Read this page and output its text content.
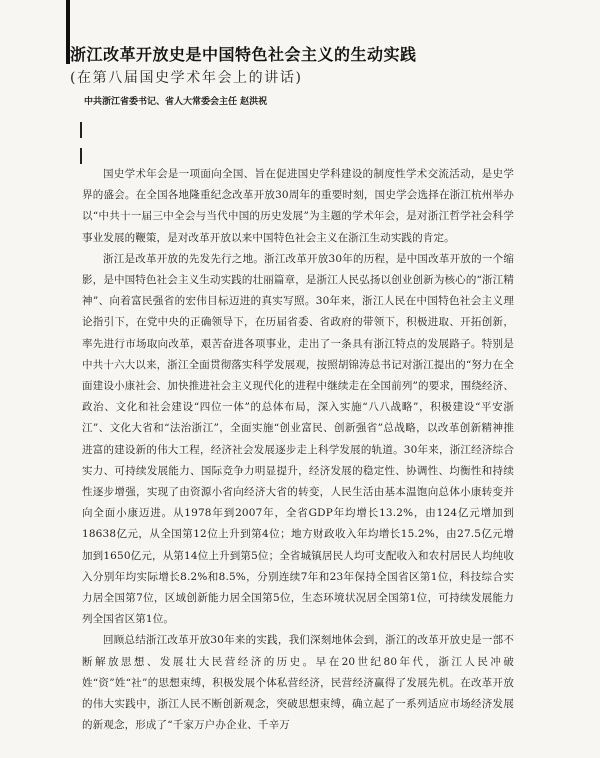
浙江改革开放史是中国特色社会主义的生动实践
(在第八届国史学术年会上的讲话)
中共浙江省委书记、省人大常委会主任 赵洪祝

国史学术年会是一项面向全国、旨在促进国史学科建设的制度性学术交流活动，是史学界的盛会。在全国各地隆重纪念改革开放30周年的重要时刻，国史学会选择在浙江杭州举办以“中共十一届三中全会与当代中国的历史发展”为主题的学术年会，是对浙江哲学社会科学事业发展的鞭策，是对改革开放以来中国特色社会主义在浙江生动实践的肯定。

浙江是改革开放的先发先行之地。浙江改革开放30年的历程，是中国改革开放的一个缩影，是中国特色社会主义生动实践的壮丽篇章，是浙江人民弘扬以创业创新为核心的“浙江精神”、向着富民强省的宏伟目标迈进的真实写照。30年来，浙江人民在中国特色社会主义理论指引下，在党中央的正确领导下，在历届省委、省政府的带领下，积极进取、开拓创新，率先进行市场取向改革，艰苦奋进各项事业，走出了一条具有浙江特点的发展路子。特别是中共十六大以来，浙江全面贯彻落实科学发展观，按照胡锦涛总书记对浙江提出的“努力在全面建设小康社会、加快推进社会主义现代化的进程中继续走在全国前列”的要求，围绕经济、政治、文化和社会建设“四位一体”的总体布局，深入实施“八八战略”，积极建设“平安浙江”、文化大省和“法治浙江”，全面实施“创业富民、创新强省”总战略，以改革创新精神推进富的建设新的伟大工程，经济社会发展逐步走上科学发展的轨道。30年来，浙江经济综合实力、可持续发展能力、国际竞争力明显提升，经济发展的稳定性、协调性、均衡性和持续性逐步增强，实现了由资源小省向经济大省的转变，人民生活由基本温饱向总体小康转变并向全面小康迈进。从1978年到2007年，全省GDP年均增长13.2%，由124亿元增加到18638亿元，从全国第12位上升到第4位；地方财政收入年均增长15.2%，由27.5亿元增加到1650亿元，从第14位上升到第5位；全省城镇居民人均可支配收入和农村居民人均纯收入分别年均实际增长8.2%和8.5%，分别连续7年和23年保持全国省区第1位，科技综合实力居全国第7位，区域创新能力居全国第5位，生态环境状况居全国第1位，可持续发展能力列全国省区第1位。

回顾总结浙江改革开放30年来的实践，我们深刻地体会到，浙江的改革开放史是一部不断解放思想、发展壮大民营经济的历史。早在20世纪80年代，浙江人民冲破姓“资”姓“社”的思想束缚，积极发展个体私营经济，民营经济赢得了发展先机。在改革开放的伟大实践中，浙江人民不断创新观念，突破思想束缚，确立起了一系列适应市场经济发展的新观念，形成了“千家万户办企业、千辛万
